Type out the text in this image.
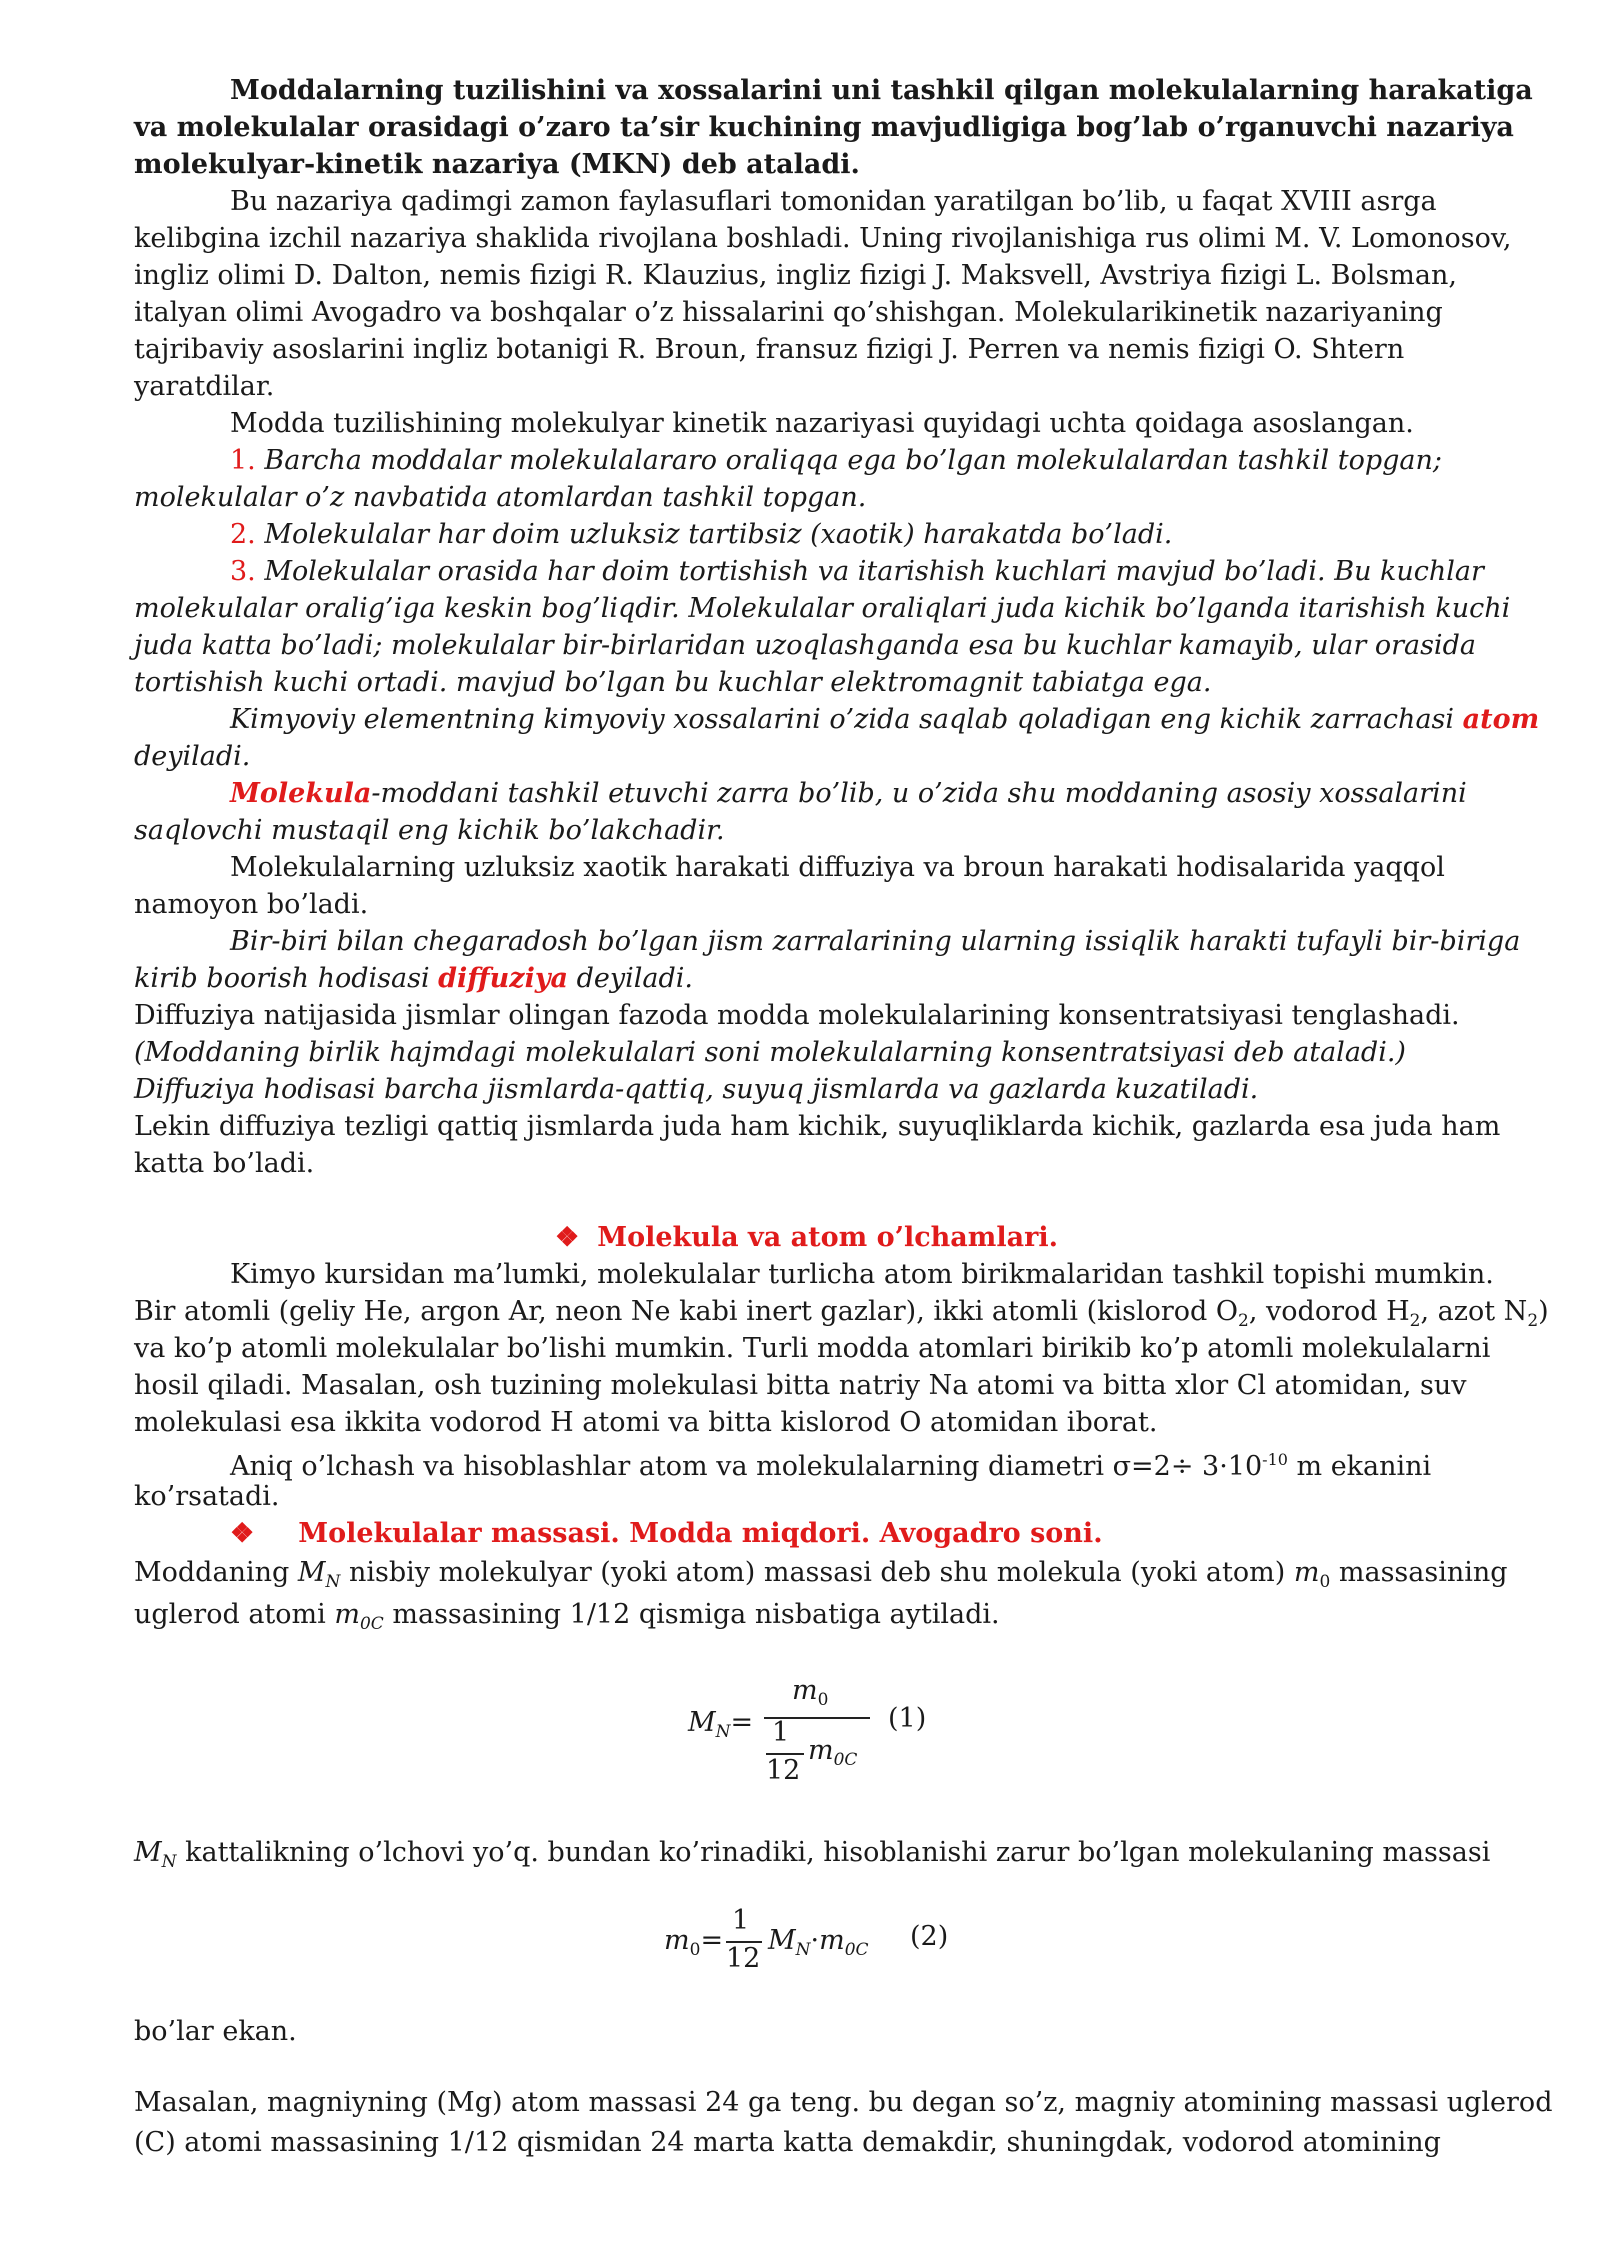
Moddalarning tuzilishini va xossalarini uni tashkil qilgan molekulalarning harakatiga
va molekulalar orasidagi o’zaro ta’sir kuchining mavjudligiga bog’lab o’rganuvchi nazariya
molekulyar-kinetik nazariya (MKN) deb ataladi.
Bu nazariya qadimgi zamon faylasuflari tomonidan yaratilgan bo’lib, u faqat XVIII asrga
kelibgina izchil nazariya shaklida rivojlana boshladi. Uning rivojlanishiga rus olimi M. V. Lomonosov,
ingliz olimi D. Dalton, nemis fizigi R. Klauzius, ingliz fizigi J. Maksvell, Avstriya fizigi L. Bolsman,
italyan olimi Avogadro va boshqalar o’z hissalarini qo’shishgan. Molekularikinetik nazariyaning
tajribaviy asoslarini ingliz botanigi R. Broun, fransuz fizigi J. Perren va nemis fizigi O. Shtern
yaratdilar.
Modda tuzilishining molekulyar kinetik nazariyasi quyidagi uchta qoidaga asoslangan.
1. Barcha moddalar molekulalararo oraliqqa ega bo’lgan molekulalardan tashkil topgan;
molekulalar o’z navbatida atomlardan tashkil topgan.
2. Molekulalar har doim uzluksiz tartibsiz (xaotik) harakatda bo’ladi.
3. Molekulalar orasida har doim tortishish va itarishish kuchlari mavjud bo’ladi. Bu kuchlar
molekulalar oralig’iga keskin bog’liqdir. Molekulalar oraliqlari juda kichik bo’lganda itarishish kuchi
juda katta bo’ladi; molekulalar bir-birlaridan uzoqlashganda esa bu kuchlar kamayib, ular orasida
tortishish kuchi ortadi. mavjud bo’lgan bu kuchlar elektromagnit tabiatga ega.
Kimyoviy elementning kimyoviy xossalarini o’zida saqlab qoladigan eng kichik zarrachasi atom
deyiladi.
Molekula-moddani tashkil etuvchi zarra bo’lib, u o’zida shu moddaning asosiy xossalarini
saqlovchi mustaqil eng kichik bo’lakchadir.
Molekulalarning uzluksiz xaotik harakati diffuziya va broun harakati hodisalarida yaqqol
namoyon bo’ladi.
Bir-biri bilan chegaradosh bo’lgan jism zarralarining ularning issiqlik harakti tufayli bir-biriga
kirib boorish hodisasi diffuziya deyiladi.
Diffuziya natijasida jismlar olingan fazoda modda molekulalarining konsentratsiyasi tenglashadi.
(Moddaning birlik hajmdagi molekulalari soni molekulalarning konsentratsiyasi deb ataladi.)
Diffuziya hodisasi barcha jismlarda-qattiq, suyuq jismlarda va gazlarda kuzatiladi.
Lekin diffuziya tezligi qattiq jismlarda juda ham kichik, suyuqliklarda kichik, gazlarda esa juda ham
katta bo’ladi.
❖ Molekula va atom o’lchamlari.
Kimyo kursidan ma’lumki, molekulalar turlicha atom birikmalaridan tashkil topishi mumkin.
Bir atomli (geliy He, argon Ar, neon Ne kabi inert gazlar), ikki atomli (kislorod $O_2$, vodorod $H_2$, azot $N_2$)
va ko’p atomli molekulalar bo’lishi mumkin. Turli modda atomlari birikib ko’p atomli molekulalarni
hosil qiladi. Masalan, osh tuzining molekulasi bitta natriy Na atomi va bitta xlor Cl atomidan, suv
molekulasi esa ikkita vodorod H atomi va bitta kislorod O atomidan iborat.
Aniq o’lchash va hisoblashlar atom va molekulalarning diametri $\sigma=2\div 3\cdot 10^{-10}$ m ekanini
ko’rsatadi.
❖ Molekulalar massasi. Modda miqdori. Avogadro soni.
Moddaning $M_N$ nisbiy molekulyar (yoki atom) massasi deb shu molekula (yoki atom) $m_0$ massasining
uglerod atomi $m_{0C}$ massasining 1/12 qismiga nisbatiga aytiladi.
$M_N=$
$m_0$
1
12
$m_{0C}$
(1)
$M_N$ kattalikning o’lchovi yo’q. bundan ko’rinadiki, hisoblanishi zarur bo’lgan molekulaning massasi
$m_0=$
1
12
$M_N\cdot m_{0C}$ (2)
bo’lar ekan.
Masalan, magniyning (Mg) atom massasi 24 ga teng. bu degan so’z, magniy atomining massasi uglerod
(C) atomi massasining 1/12 qismidan 24 marta katta demakdir, shuningdak, vodorod atomining
